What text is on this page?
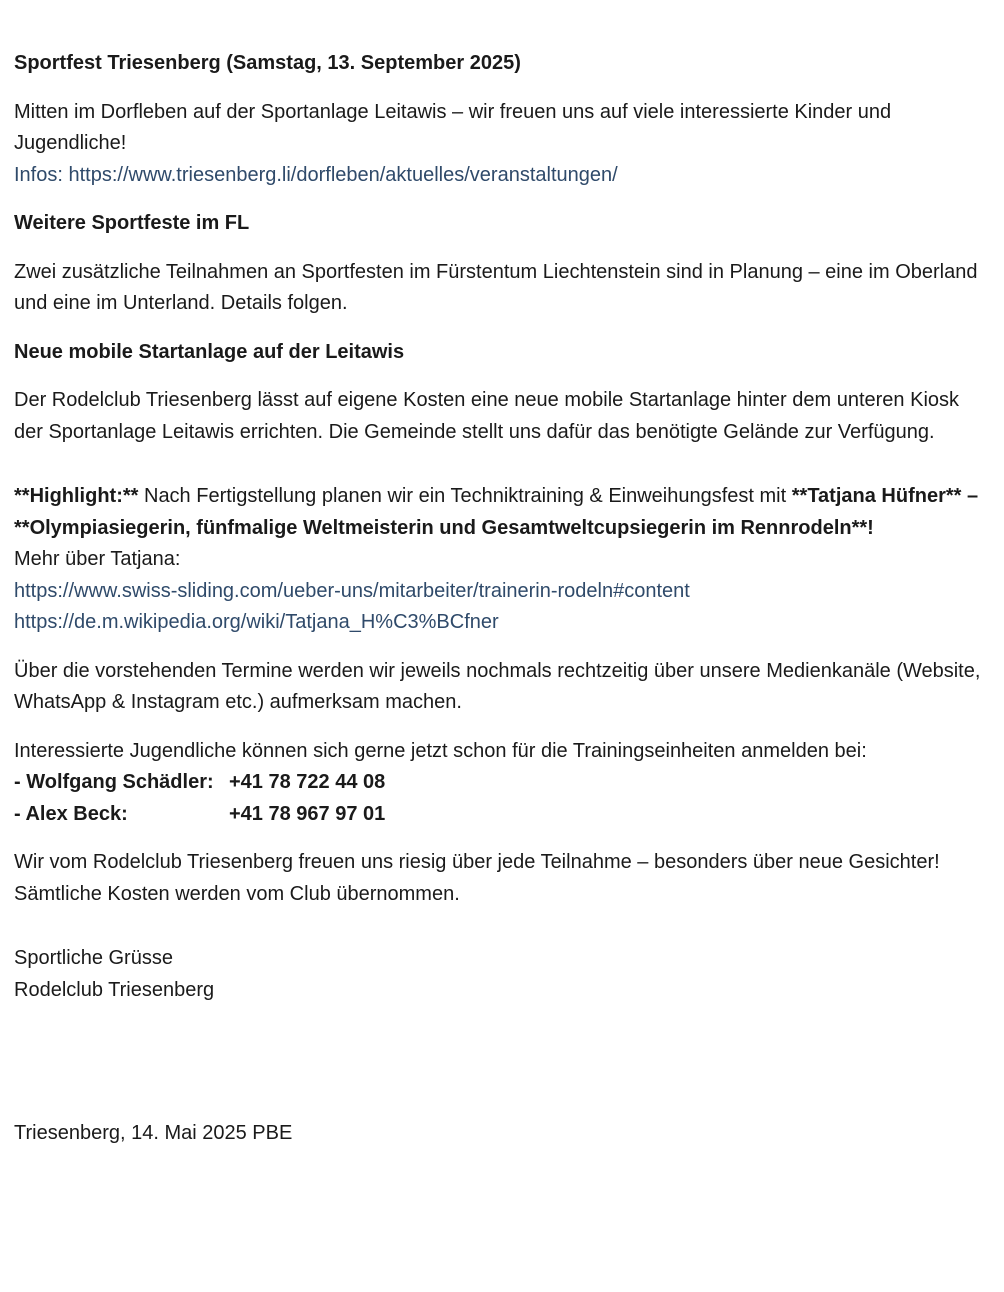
Sportfest Triesenberg (Samstag, 13. September 2025)

Mitten im Dorfleben auf der Sportanlage Leitawis – wir freuen uns auf viele interessierte Kinder und Jugendliche!

Infos: https://www.triesenberg.li/dorfleben/aktuelles/veranstaltungen/

Weitere Sportfeste im FL

Zwei zusätzliche Teilnahmen an Sportfesten im Fürstentum Liechtenstein sind in Planung – eine im Oberland und eine im Unterland. Details folgen.

Neue mobile Startanlage auf der Leitawis

Der Rodelclub Triesenberg lässt auf eigene Kosten eine neue mobile Startanlage hinter dem unteren Kiosk der Sportanlage Leitawis errichten. Die Gemeinde stellt uns dafür das benötigte Gelände zur Verfügung.

**Highlight:** Nach Fertigstellung planen wir ein Techniktraining & Einweihungsfest mit **Tatjana Hüfner** – **Olympiasiegerin, fünfmalige Weltmeisterin und Gesamtweltcupsiegerin im Rennrodeln**!

Mehr über Tatjana:

https://www.swiss-sliding.com/ueber-uns/mitarbeiter/trainerin-rodeln#content

https://de.m.wikipedia.org/wiki/Tatjana_H%C3%BCfner

Über die vorstehenden Termine werden wir jeweils nochmals rechtzeitig über unsere Medienkanäle (Website, WhatsApp & Instagram etc.) aufmerksam machen.

Interessierte Jugendliche können sich gerne jetzt schon für die Trainingseinheiten anmelden bei:

- Wolfgang Schädler: +41 78 722 44 08
- Alex Beck:	+41 78 967 97 01

Wir vom Rodelclub Triesenberg freuen uns riesig über jede Teilnahme – besonders über neue Gesichter! Sämtliche Kosten werden vom Club übernommen.

Sportliche Grüsse

Rodelclub Triesenberg

Triesenberg, 14. Mai 2025 PBE
